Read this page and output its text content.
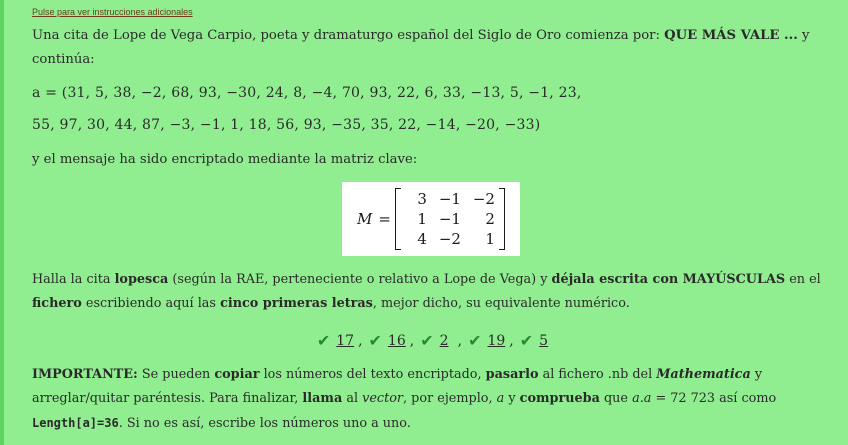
Pulse para ver instrucciones adicionales

Una cita de Lope de Vega Carpio, poeta y dramaturgo español del Siglo de Oro comienza por: QUE MÁS VALE ... y continúa:

a = (31, 5, 38, −2, 68, 93, −30, 24, 8, −4, 70, 93, 22, 6, 33, −13, 5, −1, 23,
55, 97, 30, 44, 87, −3, −1, 1, 18, 56, 93, −35, 35, 22, −14, −20, −33)

y el mensaje ha sido encriptado mediante la matriz clave:

M =
3 −1 −2
1 −1	2
4 −2	1

Halla la cita lopesca (según la RAE, perteneciente o relativo a Lope de Vega) y déjala escrita con MAYÚSCULAS en el fichero escribiendo aquí las cinco primeras letras, mejor dicho, su equivalente numérico.

✔ 17 , ✔ 16 , ✔ 2 , ✔ 19 , ✔ 5

IMPORTANTE: Se pueden copiar los números del texto encriptado, pasarlo al fichero .nb del Mathematica y arreglar/quitar paréntesis. Para finalizar, llama al vector, por ejemplo, a y comprueba que a.a = 72 723 así como Length[a]=36. Si no es así, escribe los números uno a uno.
